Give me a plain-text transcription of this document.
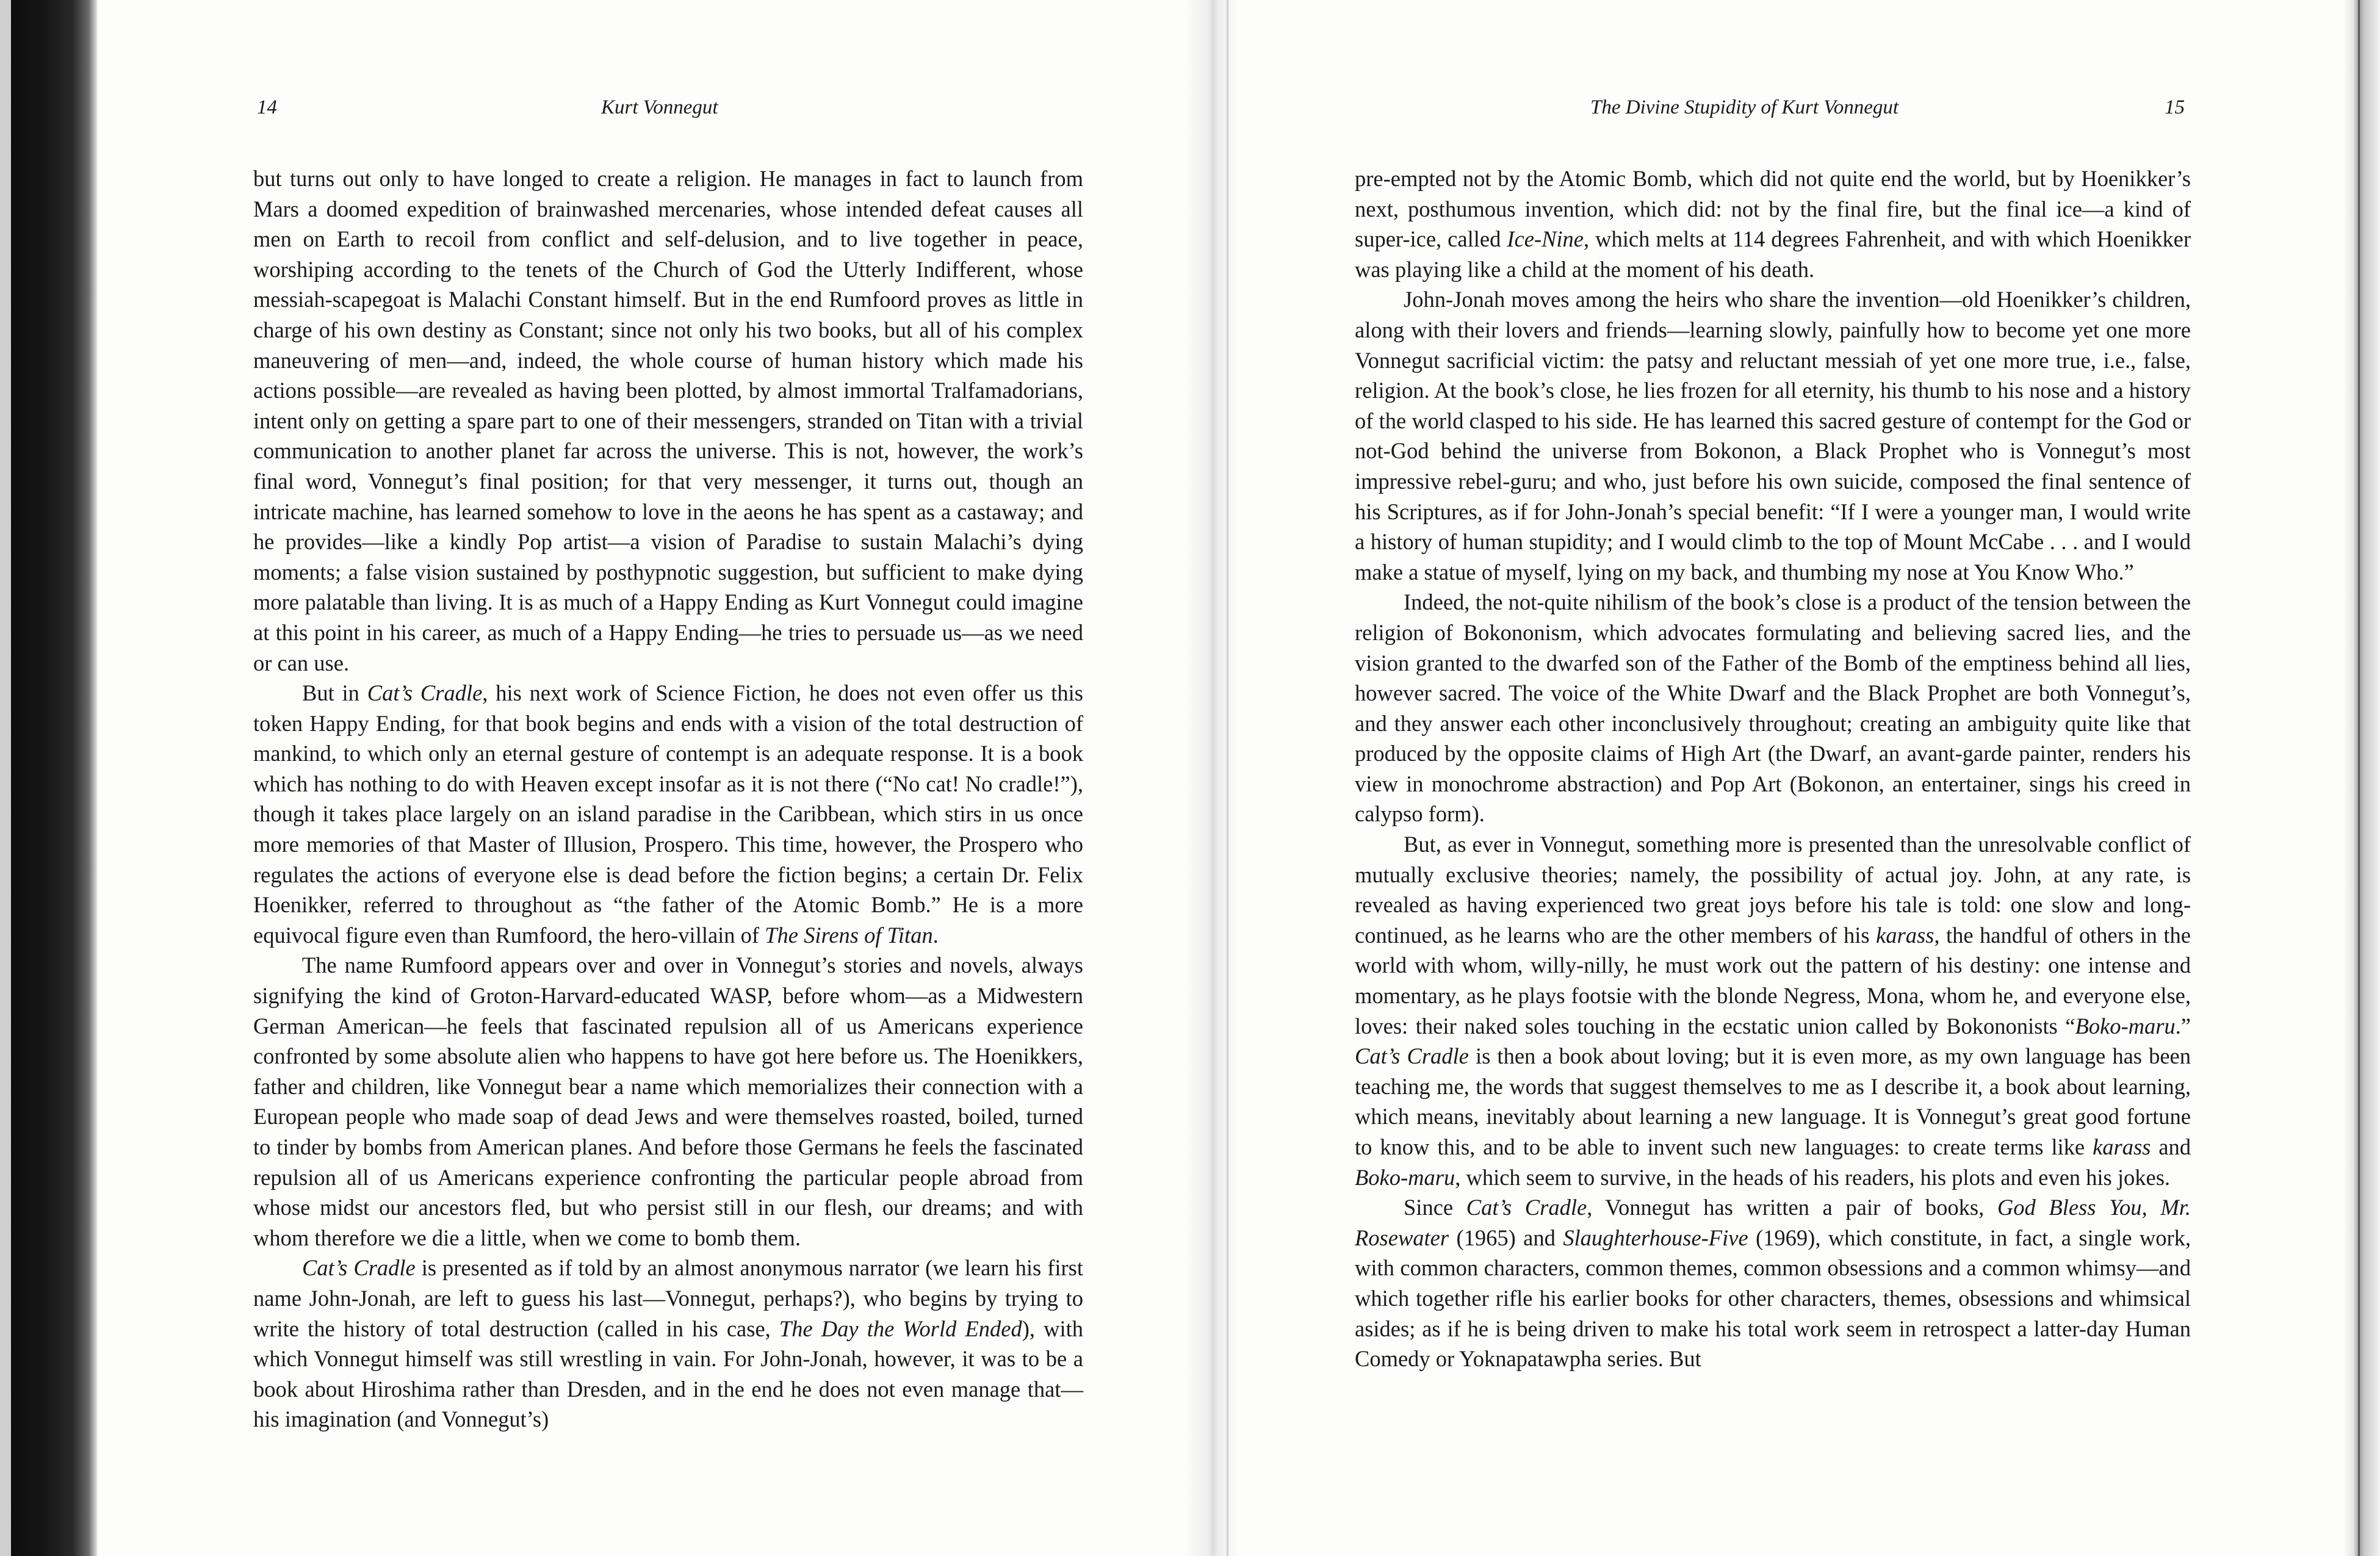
14	Kurt Vonnegut

but turns out only to have longed to create a religion. He manages in fact to launch from Mars a doomed expedition of brainwashed mercenaries, whose intended defeat causes all men on Earth to recoil from conflict and self-delusion, and to live together in peace, worshiping according to the tenets of the Church of God the Utterly Indifferent, whose messiah-scapegoat is Malachi Constant himself. But in the end Rumfoord proves as little in charge of his own destiny as Constant; since not only his two books, but all of his complex maneuvering of men—and, indeed, the whole course of human history which made his actions possible—are revealed as having been plotted, by almost immortal Tralfamadorians, intent only on getting a spare part to one of their messengers, stranded on Titan with a trivial communication to another planet far across the universe. This is not, however, the work’s final word, Vonnegut’s final position; for that very messenger, it turns out, though an intricate machine, has learned somehow to love in the aeons he has spent as a castaway; and he provides—like a kindly Pop artist—a vision of Paradise to sustain Malachi’s dying moments; a false vision sustained by posthypnotic suggestion, but sufficient to make dying more palatable than living. It is as much of a Happy Ending as Kurt Vonnegut could imagine at this point in his career, as much of a Happy Ending—he tries to persuade us—as we need or can use.

But in Cat’s Cradle, his next work of Science Fiction, he does not even offer us this token Happy Ending, for that book begins and ends with a vision of the total destruction of mankind, to which only an eternal gesture of contempt is an adequate response. It is a book which has nothing to do with Heaven except insofar as it is not there (“No cat! No cradle!”), though it takes place largely on an island paradise in the Caribbean, which stirs in us once more memories of that Master of Illusion, Prospero. This time, however, the Prospero who regulates the actions of everyone else is dead before the fiction begins; a certain Dr. Felix Hoenikker, referred to throughout as “the father of the Atomic Bomb.” He is a more equivocal figure even than Rumfoord, the hero-villain of The Sirens of Titan.

The name Rumfoord appears over and over in Vonnegut’s stories and novels, always signifying the kind of Groton-Harvard-educated WASP, before whom—as a Midwestern German American—he feels that fascinated repulsion all of us Americans experience confronted by some absolute alien who happens to have got here before us. The Hoenikkers, father and children, like Vonnegut bear a name which memorializes their connection with a European people who made soap of dead Jews and were themselves roasted, boiled, turned to tinder by bombs from American planes. And before those Germans he feels the fascinated repulsion all of us Americans experience confronting the particular people abroad from whose midst our ancestors fled, but who persist still in our flesh, our dreams; and with whom therefore we die a little, when we come to bomb them.

Cat’s Cradle is presented as if told by an almost anonymous narrator (we learn his first name John-Jonah, are left to guess his last—Vonnegut, perhaps?), who begins by trying to write the history of total destruction (called in his case, The Day the World Ended), with which Vonnegut himself was still wrestling in vain. For John-Jonah, however, it was to be a book about Hiroshima rather than Dresden, and in the end he does not even manage that—his imagination (and Vonnegut’s)

The Divine Stupidity of Kurt Vonnegut	15

pre-empted not by the Atomic Bomb, which did not quite end the world, but by Hoenikker’s next, posthumous invention, which did: not by the final fire, but the final ice—a kind of super-ice, called Ice-Nine, which melts at 114 degrees Fahrenheit, and with which Hoenikker was playing like a child at the moment of his death.

John-Jonah moves among the heirs who share the invention—old Hoenikker’s children, along with their lovers and friends—learning slowly, painfully how to become yet one more Vonnegut sacrificial victim: the patsy and reluctant messiah of yet one more true, i.e., false, religion. At the book’s close, he lies frozen for all eternity, his thumb to his nose and a history of the world clasped to his side. He has learned this sacred gesture of contempt for the God or not-God behind the universe from Bokonon, a Black Prophet who is Vonnegut’s most impressive rebel-guru; and who, just before his own suicide, composed the final sentence of his Scriptures, as if for John-Jonah’s special benefit: “If I were a younger man, I would write a history of human stupidity; and I would climb to the top of Mount McCabe . . . and I would make a statue of myself, lying on my back, and thumbing my nose at You Know Who.”

Indeed, the not-quite nihilism of the book’s close is a product of the tension between the religion of Bokononism, which advocates formulating and believing sacred lies, and the vision granted to the dwarfed son of the Father of the Bomb of the emptiness behind all lies, however sacred. The voice of the White Dwarf and the Black Prophet are both Vonnegut’s, and they answer each other inconclusively throughout; creating an ambiguity quite like that produced by the opposite claims of High Art (the Dwarf, an avant-garde painter, renders his view in monochrome abstraction) and Pop Art (Bokonon, an entertainer, sings his creed in calypso form).

But, as ever in Vonnegut, something more is presented than the unresolvable conflict of mutually exclusive theories; namely, the possibility of actual joy. John, at any rate, is revealed as having experienced two great joys before his tale is told: one slow and long-continued, as he learns who are the other members of his karass, the handful of others in the world with whom, willy-nilly, he must work out the pattern of his destiny: one intense and momentary, as he plays footsie with the blonde Negress, Mona, whom he, and everyone else, loves: their naked soles touching in the ecstatic union called by Bokononists “Boko-maru.” Cat’s Cradle is then a book about loving; but it is even more, as my own language has been teaching me, the words that suggest themselves to me as I describe it, a book about learning, which means, inevitably about learning a new language. It is Vonnegut’s great good fortune to know this, and to be able to invent such new languages: to create terms like karass and Boko-maru, which seem to survive, in the heads of his readers, his plots and even his jokes.

Since Cat’s Cradle, Vonnegut has written a pair of books, God Bless You, Mr. Rosewater (1965) and Slaughterhouse-Five (1969), which constitute, in fact, a single work, with common characters, common themes, common obsessions and a common whimsy—and which together rifle his earlier books for other characters, themes, obsessions and whimsical asides; as if he is being driven to make his total work seem in retrospect a latter-day Human Comedy or Yoknapatawpha series. But
